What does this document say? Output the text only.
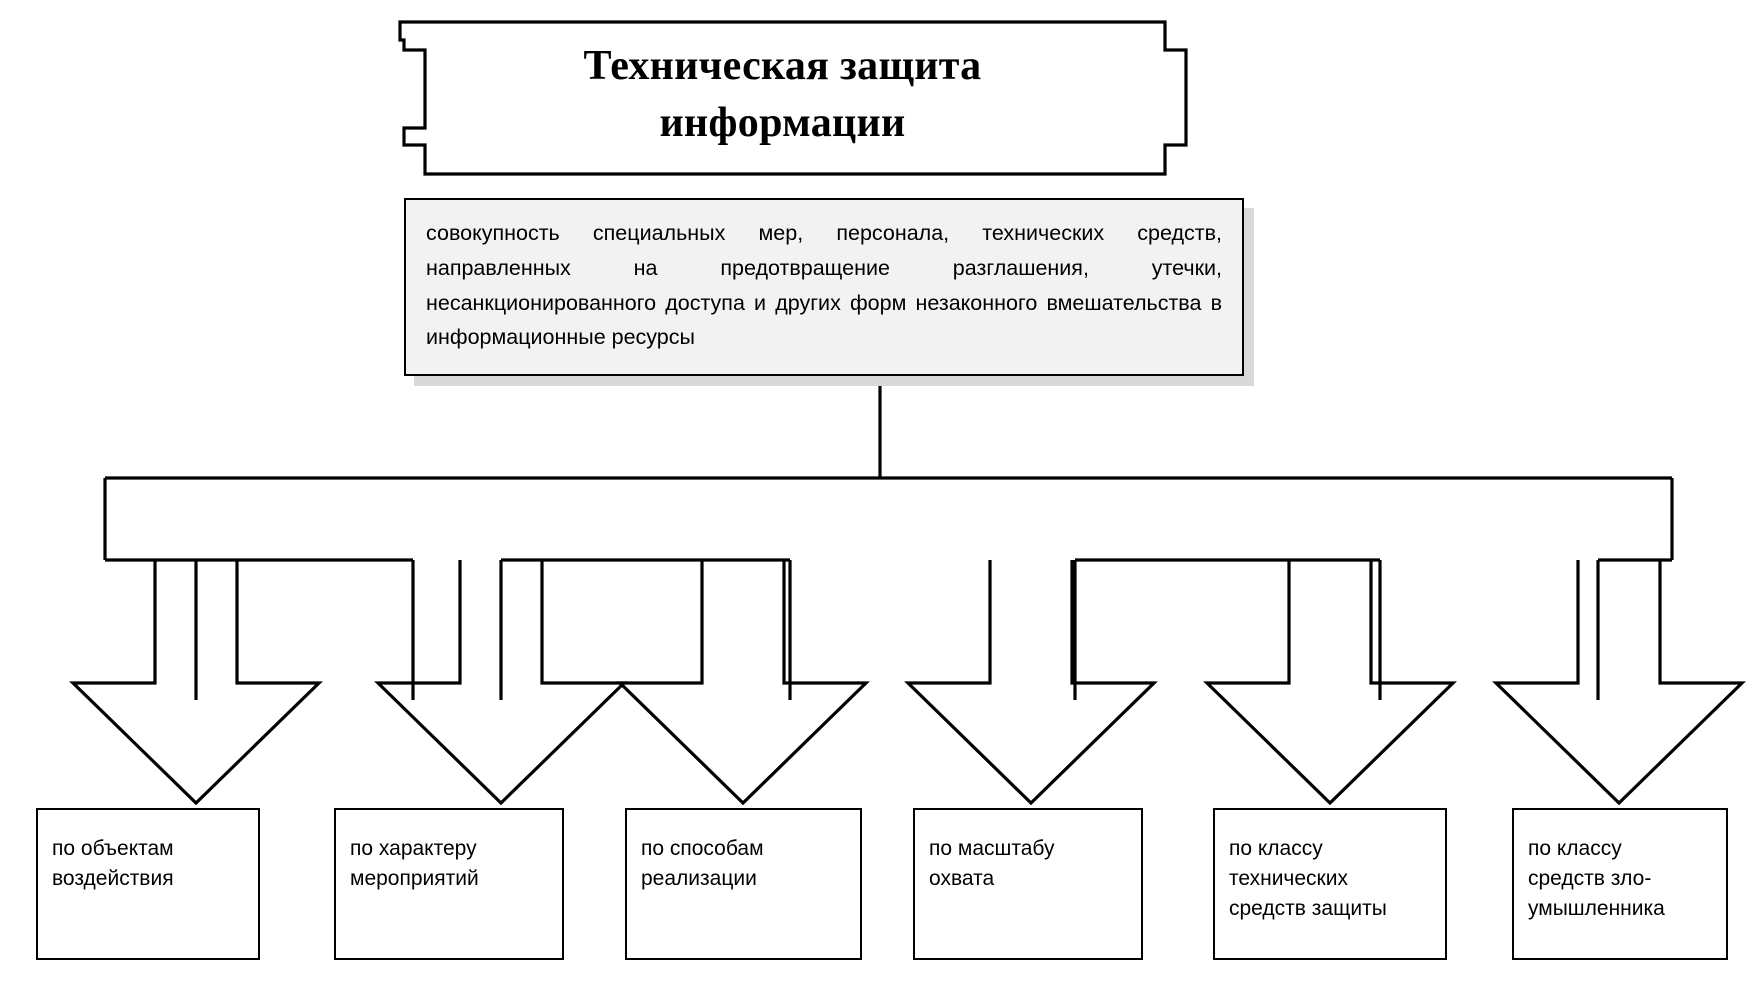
Техническая защита информации
совокупность специальных мер, персонала, технических средств, направленных на предотвращение разглашения, утечки, несанкционированного доступа и других форм незаконного вмешательства в информационные ресурсы
по объектам
воздействия
по характеру
мероприятий
по способам
реализации
по масштабу
охвата
по классу
технических
средств защиты
по классу
средств зло-
умышленника
